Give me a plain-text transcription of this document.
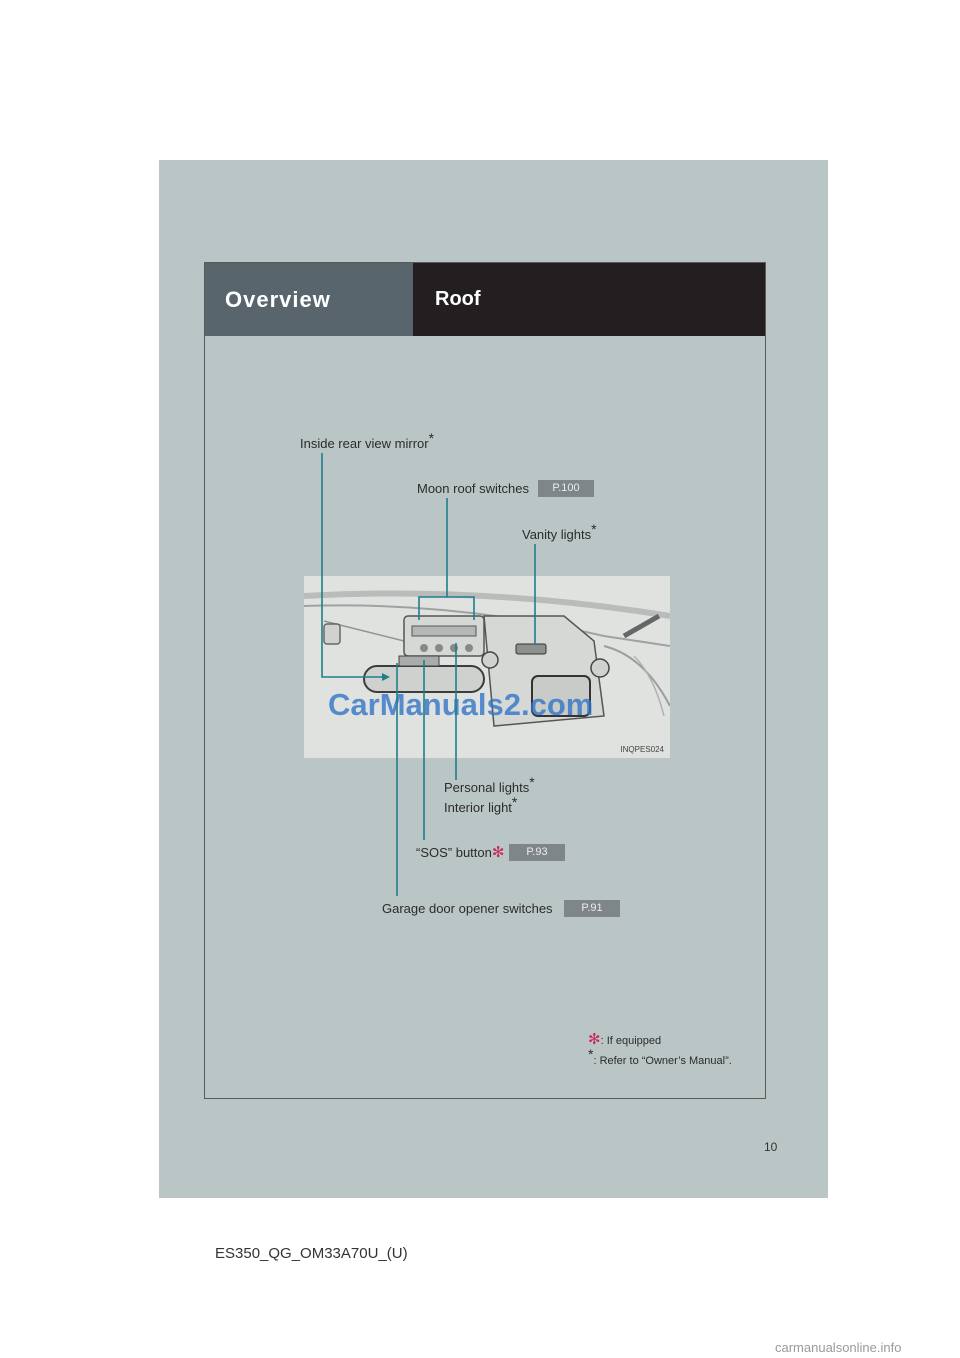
Overview	Roof
INQPES024
CarManuals2.com
Inside rear view mirror*
Moon roof switches	P.100
Vanity lights*
Personal lights*
Interior light*
“SOS” button✻	P.93
Garage door opener switches	P.91
✻: If equipped
*: Refer to “Owner’s Manual”.
10
ES350_QG_OM33A70U_(U)
carmanualsonline.info
